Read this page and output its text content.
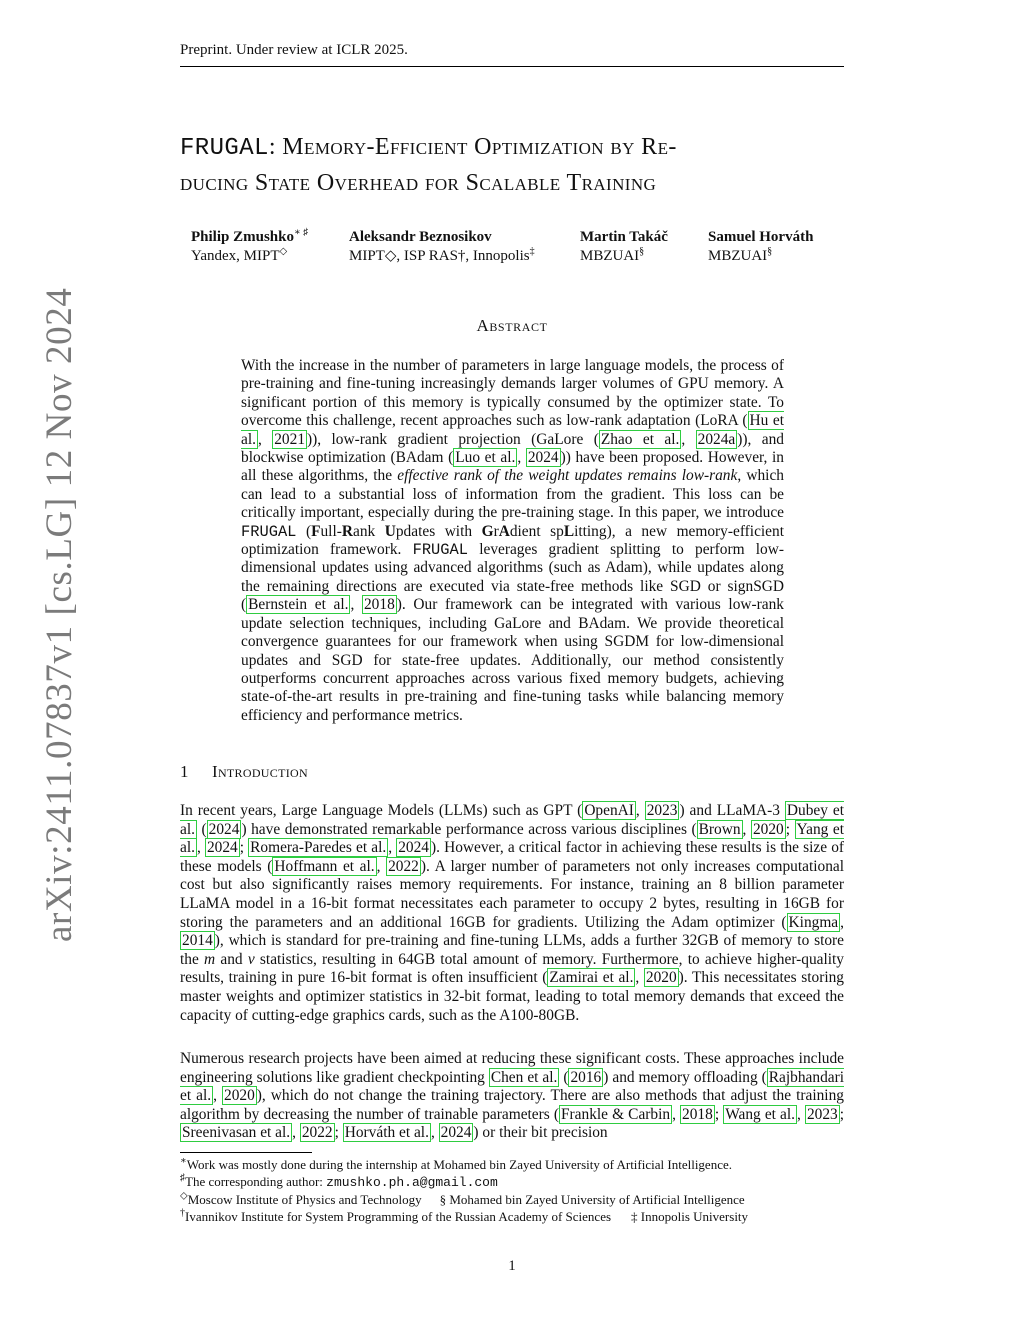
Preprint. Under review at ICLR 2025.
arXiv:2411.07837v1 [cs.LG] 12 Nov 2024
FRUGAL: Memory-Efficient Optimization by Re-
ducing State Overhead for Scalable Training
Philip Zmushko∗ ♯
Yandex, MIPT◇
Aleksandr Beznosikov
MIPT◇, ISP RAS†, Innopolis‡
Martin Takáč
MBZUAI§
Samuel Horváth
MBZUAI§
Abstract
With the increase in the number of parameters in large language models, the process of pre-training and fine-tuning increasingly demands larger volumes of GPU memory. A significant portion of this memory is typically consumed by the optimizer state. To overcome this challenge, recent approaches such as low-rank adaptation (LoRA ( Hu et al. , 2021 )), low-rank gradient projection (GaLore ( Zhao et al. , 2024a )), and blockwise optimization (BAdam ( Luo et al. , 2024 )) have been proposed. However, in all these algorithms, the effective rank of the weight updates remains low-rank, which can lead to a substantial loss of information from the gradient. This loss can be critically important, especially during the pre-training stage. In this paper, we introduce FRUGAL (Full-Rank Updates with GrAdient spLitting), a new memory-efficient optimization framework. FRUGAL leverages gradient splitting to perform low-dimensional updates using advanced algorithms (such as Adam), while updates along the remaining directions are executed via state-free methods like SGD or signSGD ( Bernstein et al. , 2018 ). Our framework can be integrated with various low-rank update selection techniques, including GaLore and BAdam. We provide theoretical convergence guarantees for our framework when using SGDM for low-dimensional updates and SGD for state-free updates. Additionally, our method consistently outperforms concurrent approaches across various fixed memory budgets, achieving state-of-the-art results in pre-training and fine-tuning tasks while balancing memory efficiency and performance metrics.
1 Introduction
In recent years, Large Language Models (LLMs) such as GPT ( OpenAI , 2023 ) and LLaMA-3 Dubey et al. ( 2024 ) have demonstrated remarkable performance across various disciplines ( Brown , 2020 ; Yang et al. , 2024 ; Romera-Paredes et al. , 2024 ). However, a critical factor in achieving these results is the size of these models ( Hoffmann et al. , 2022 ). A larger number of parameters not only increases computational cost but also significantly raises memory requirements. For instance, training an 8 billion parameter LLaMA model in a 16-bit format necessitates each parameter to occupy 2 bytes, resulting in 16GB for storing the parameters and an additional 16GB for gradients. Utilizing the Adam optimizer ( Kingma , 2014 ), which is standard for pre-training and fine-tuning LLMs, adds a further 32GB of memory to store the m and v statistics, resulting in 64GB total amount of memory. Furthermore, to achieve higher-quality results, training in pure 16-bit format is often insufficient ( Zamirai et al. , 2020 ). This necessitates storing master weights and optimizer statistics in 32-bit format, leading to total memory demands that exceed the capacity of cutting-edge graphics cards, such as the A100-80GB.
Numerous research projects have been aimed at reducing these significant costs. These approaches include engineering solutions like gradient checkpointing Chen et al. ( 2016 ) and memory offloading ( Rajbhandari et al. , 2020 ), which do not change the training trajectory. There are also methods that adjust the training algorithm by decreasing the number of trainable parameters ( Frankle & Carbin , 2018 ; Wang et al. , 2023 ; Sreenivasan et al. , 2022 ; Horváth et al. , 2024 ) or their bit precision
∗Work was mostly done during the internship at Mohamed bin Zayed University of Artificial Intelligence.
♯The corresponding author: zmushko.ph.a@gmail.com
◇Moscow Institute of Physics and Technology § Mohamed bin Zayed University of Artificial Intelligence
†Ivannikov Institute for System Programming of the Russian Academy of Sciences ‡ Innopolis University
1
